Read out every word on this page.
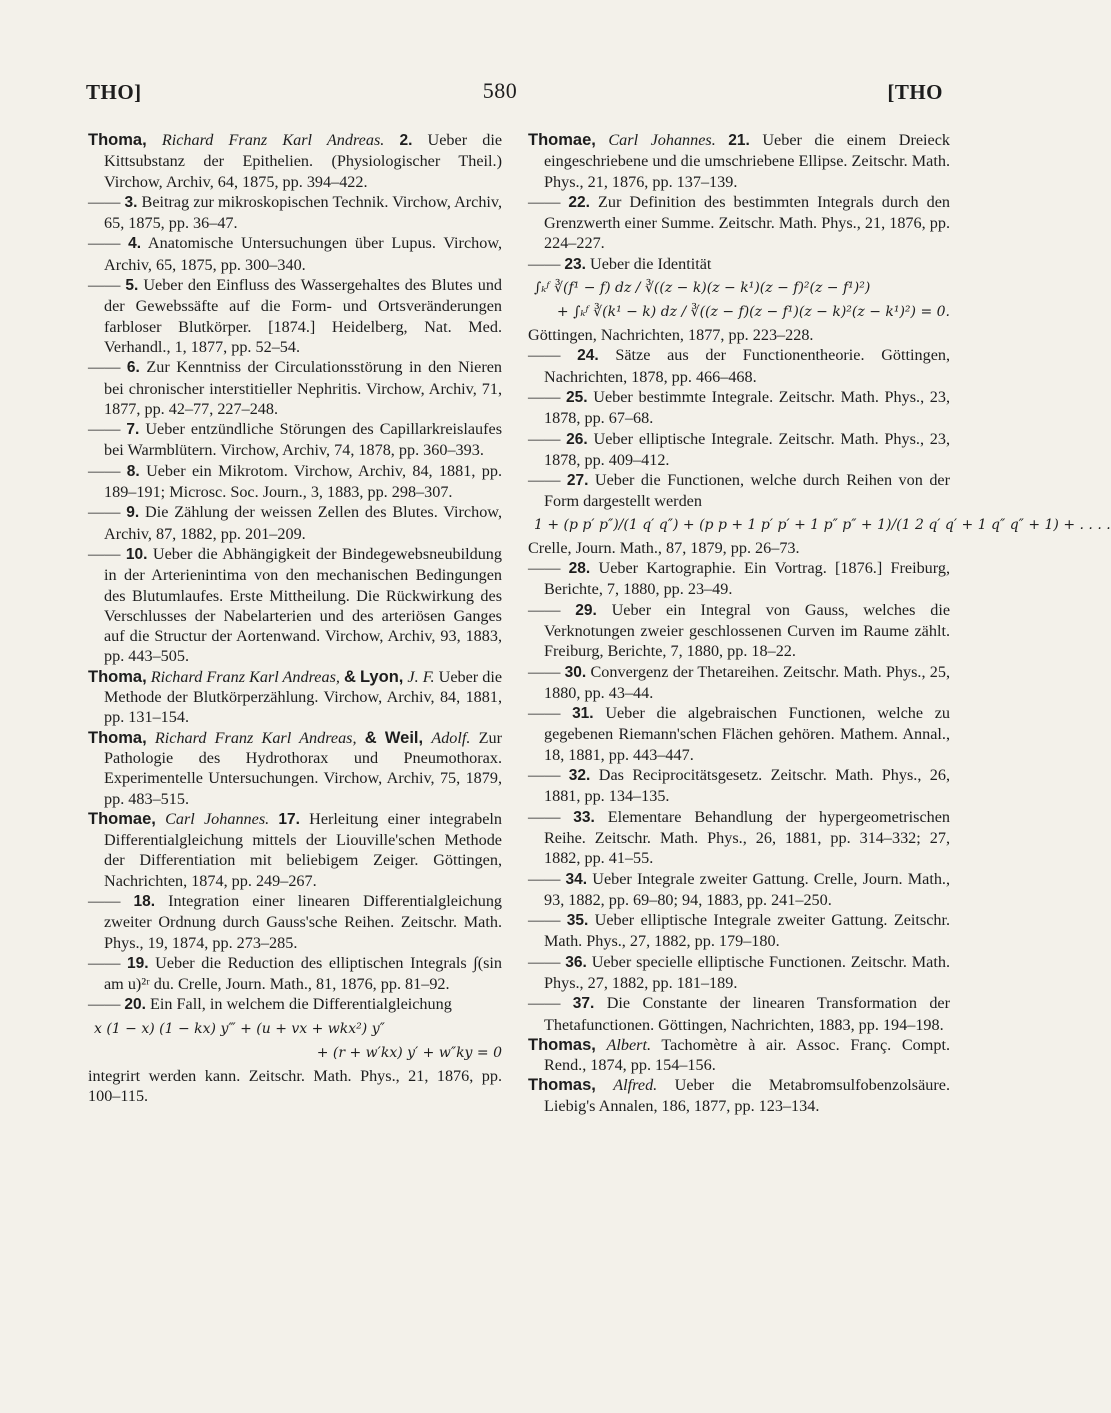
THO]	580	[THO

Thoma, Richard Franz Karl Andreas. 2. Ueber die Kittsubstanz der Epithelien. (Physiologischer Theil.) Virchow, Archiv, 64, 1875, pp. 394–422.

—— 3. Beitrag zur mikroskopischen Technik. Virchow, Archiv, 65, 1875, pp. 36–47.

—— 4. Anatomische Untersuchungen über Lupus. Virchow, Archiv, 65, 1875, pp. 300–340.

—— 5. Ueber den Einfluss des Wassergehaltes des Blutes und der Gewebssäfte auf die Form- und Ortsveränderungen farbloser Blutkörper. [1874.] Heidelberg, Nat. Med. Verhandl., 1, 1877, pp. 52–54.

—— 6. Zur Kenntniss der Circulationsstörung in den Nieren bei chronischer interstitieller Nephritis. Virchow, Archiv, 71, 1877, pp. 42–77, 227–248.

—— 7. Ueber entzündliche Störungen des Capillarkreislaufes bei Warmblütern. Virchow, Archiv, 74, 1878, pp. 360–393.

—— 8. Ueber ein Mikrotom. Virchow, Archiv, 84, 1881, pp. 189–191; Microsc. Soc. Journ., 3, 1883, pp. 298–307.

—— 9. Die Zählung der weissen Zellen des Blutes. Virchow, Archiv, 87, 1882, pp. 201–209.

—— 10. Ueber die Abhängigkeit der Bindegewebsneubildung in der Arterienintima von den mechanischen Bedingungen des Blutumlaufes. Erste Mittheilung. Die Rückwirkung des Verschlusses der Nabelarterien und des arteriösen Ganges auf die Structur der Aortenwand. Virchow, Archiv, 93, 1883, pp. 443–505.

Thoma, Richard Franz Karl Andreas, & Lyon, J. F. Ueber die Methode der Blutkörperzählung. Virchow, Archiv, 84, 1881, pp. 131–154.

Thoma, Richard Franz Karl Andreas, & Weil, Adolf. Zur Pathologie des Hydrothorax und Pneumothorax. Experimentelle Untersuchungen. Virchow, Archiv, 75, 1879, pp. 483–515.

Thomae, Carl Johannes. 17. Herleitung einer integrabeln Differentialgleichung mittels der Liouville'schen Methode der Differentiation mit beliebigem Zeiger. Göttingen, Nachrichten, 1874, pp. 249–267.

—— 18. Integration einer linearen Differentialgleichung zweiter Ordnung durch Gauss'sche Reihen. Zeitschr. Math. Phys., 19, 1874, pp. 273–285.

—— 19. Ueber die Reduction des elliptischen Integrals ∫(sin am u)²ʳ du. Crelle, Journ. Math., 81, 1876, pp. 81–92.

—— 20. Ein Fall, in welchem die Differentialgleichung

x (1 − x) (1 − kx) y‴ + (u + vx + wkx²) y″
+ (r + w′kx) y′ + w″ky = 0

integrirt werden kann. Zeitschr. Math. Phys., 21, 1876, pp. 100–115.

Thomae, Carl Johannes. 21. Ueber die einem Dreieck eingeschriebene und die umschriebene Ellipse. Zeitschr. Math. Phys., 21, 1876, pp. 137–139.

—— 22. Zur Definition des bestimmten Integrals durch den Grenzwerth einer Summe. Zeitschr. Math. Phys., 21, 1876, pp. 224–227.

—— 23. Ueber die Identität

∫ₖᶠ ∛(f¹ − f) dz / ∛((z − k)(z − k¹)(z − f)²(z − f¹)²)
+ ∫ₖᶠ ∛(k¹ − k) dz / ∛((z − f)(z − f¹)(z − k)²(z − k¹)²) = 0.

Göttingen, Nachrichten, 1877, pp. 223–228.

—— 24. Sätze aus der Functionentheorie. Göttingen, Nachrichten, 1878, pp. 466–468.

—— 25. Ueber bestimmte Integrale. Zeitschr. Math. Phys., 23, 1878, pp. 67–68.

—— 26. Ueber elliptische Integrale. Zeitschr. Math. Phys., 23, 1878, pp. 409–412.

—— 27. Ueber die Functionen, welche durch Reihen von der Form dargestellt werden

1 + (p p′ p″)/(1 q′ q″) + (p p + 1 p′ p′ + 1 p″ p″ + 1)/(1 2 q′ q′ + 1 q″ q″ + 1) + . . . .

Crelle, Journ. Math., 87, 1879, pp. 26–73.

—— 28. Ueber Kartographie. Ein Vortrag. [1876.] Freiburg, Berichte, 7, 1880, pp. 23–49.

—— 29. Ueber ein Integral von Gauss, welches die Verknotungen zweier geschlossenen Curven im Raume zählt. Freiburg, Berichte, 7, 1880, pp. 18–22.

—— 30. Convergenz der Thetareihen. Zeitschr. Math. Phys., 25, 1880, pp. 43–44.

—— 31. Ueber die algebraischen Functionen, welche zu gegebenen Riemann'schen Flächen gehören. Mathem. Annal., 18, 1881, pp. 443–447.

—— 32. Das Reciprocitätsgesetz. Zeitschr. Math. Phys., 26, 1881, pp. 134–135.

—— 33. Elementare Behandlung der hypergeometrischen Reihe. Zeitschr. Math. Phys., 26, 1881, pp. 314–332; 27, 1882, pp. 41–55.

—— 34. Ueber Integrale zweiter Gattung. Crelle, Journ. Math., 93, 1882, pp. 69–80; 94, 1883, pp. 241–250.

—— 35. Ueber elliptische Integrale zweiter Gattung. Zeitschr. Math. Phys., 27, 1882, pp. 179–180.

—— 36. Ueber specielle elliptische Functionen. Zeitschr. Math. Phys., 27, 1882, pp. 181–189.

—— 37. Die Constante der linearen Transformation der Thetafunctionen. Göttingen, Nachrichten, 1883, pp. 194–198.

Thomas, Albert. Tachomètre à air. Assoc. Franç. Compt. Rend., 1874, pp. 154–156.

Thomas, Alfred. Ueber die Metabromsulfobenzolsäure. Liebig's Annalen, 186, 1877, pp. 123–134.
